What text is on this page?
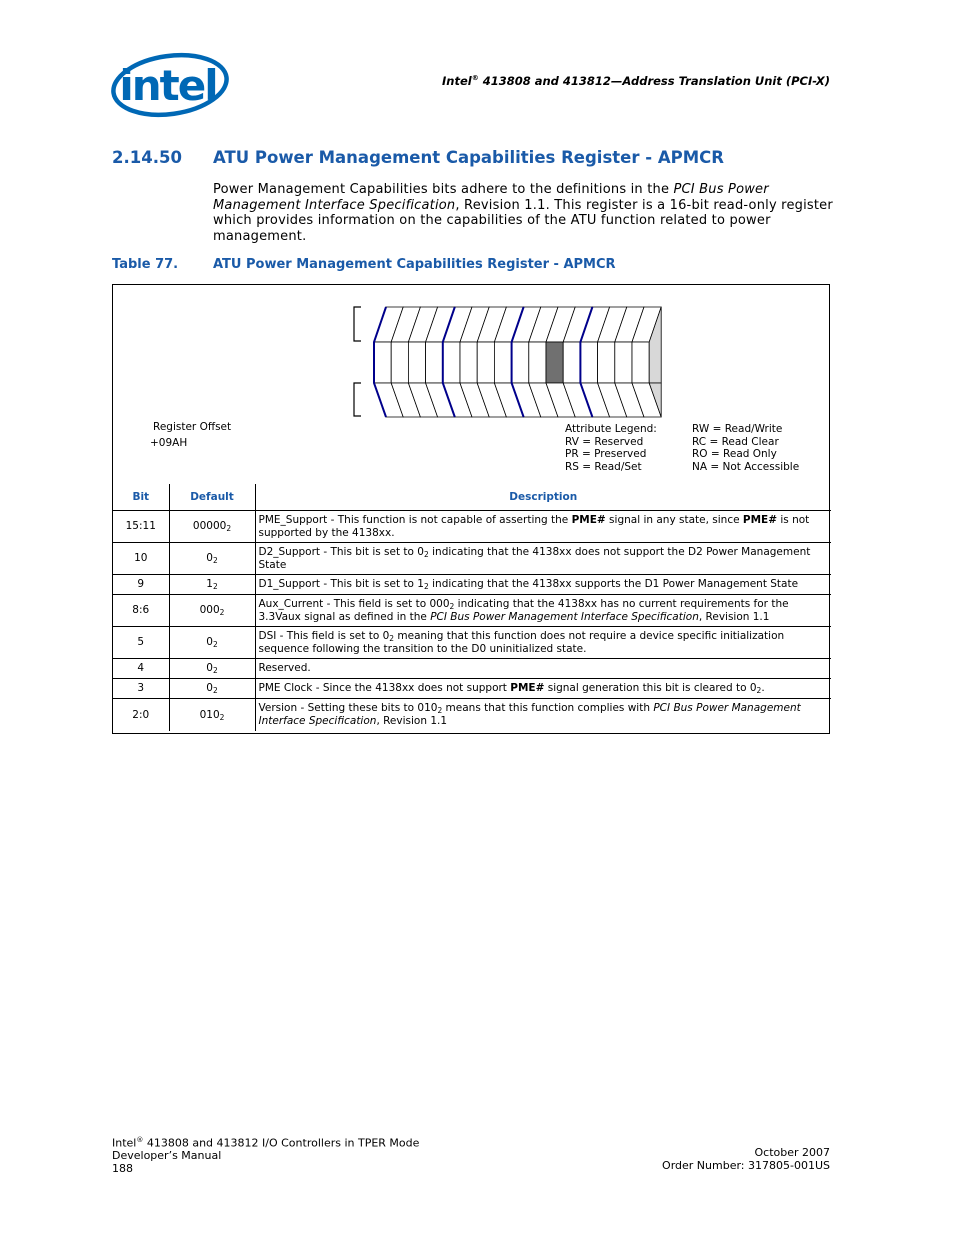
intel	Intel® 413808 and 413812—Address Translation Unit (PCI-X)
2.14.50 ATU Power Management Capabilities Register - APMCR
Power Management Capabilities bits adhere to the definitions in the PCI Bus Power Management Interface Specification, Revision 1.1. This register is a 16-bit read-only register which provides information on the capabilities of the ATU function related to power management.
Table 77.	ATU Power Management Capabilities Register - APMCR
Register Offset
+09AH
Attribute Legend:
RV = Reserved
PR = Preserved
RS = Read/Set
RW = Read/Write
RC = Read Clear
RO = Read Only
NA = Not Accessible
Bit	Default	Description
15:11	$00000_2$	PME_Support - This function is not capable of asserting the PME# signal in any state, since PME# is not supported by the 4138xx.
10	$0_2$	D2_Support - This bit is set to $0_2$ indicating that the 4138xx does not support the D2 Power Management State
9	$1_2$	D1_Support - This bit is set to $1_2$ indicating that the 4138xx supports the D1 Power Management State
8:6	$000_2$	Aux_Current - This field is set to $000_2$ indicating that the 4138xx has no current requirements for the 3.3Vaux signal as defined in the PCI Bus Power Management Interface Specification, Revision 1.1
5	$0_2$	DSI - This field is set to $0_2$ meaning that this function does not require a device specific initialization sequence following the transition to the D0 uninitialized state.
4	$0_2$	Reserved.
3	$0_2$	PME Clock - Since the 4138xx does not support PME# signal generation this bit is cleared to $0_2$.
2:0	$010_2$	Version - Setting these bits to $010_2$ means that this function complies with PCI Bus Power Management Interface Specification, Revision 1.1
Intel® 413808 and 413812 I/O Controllers in TPER Mode
Developer’s Manual
188
October 2007
Order Number: 317805-001US
